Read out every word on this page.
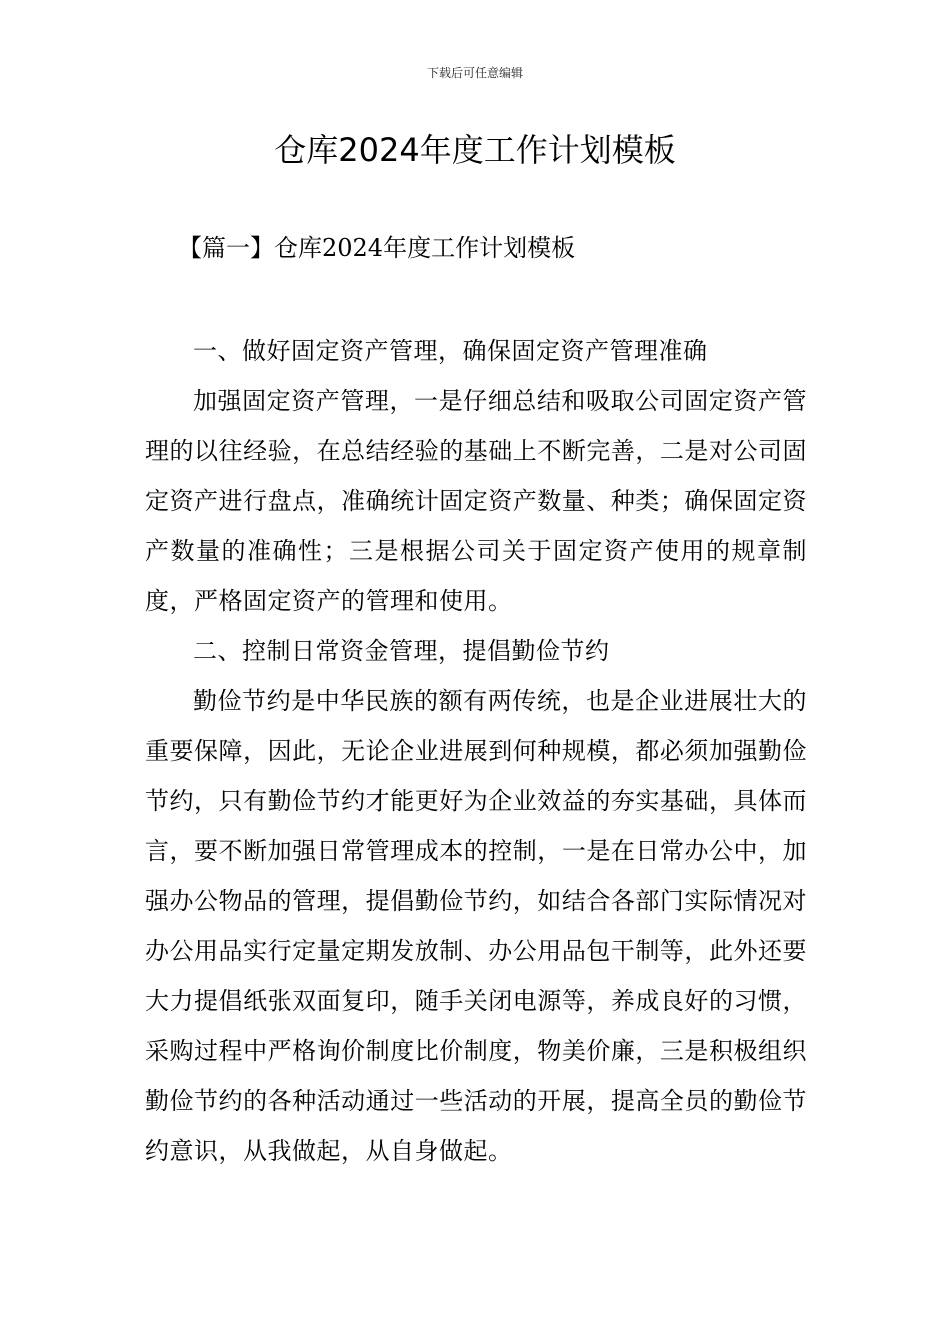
下载后可任意编辑
仓库2024年度工作计划模板

【篇一】仓库2024年度工作计划模板

一、做好固定资产管理，确保固定资产管理准确

加强固定资产管理，一是仔细总结和吸取公司固定资产管理的以往经验，在总结经验的基础上不断完善，二是对公司固定资产进行盘点，准确统计固定资产数量、种类；确保固定资产数量的准确性；三是根据公司关于固定资产使用的规章制度，严格固定资产的管理和使用。

二、控制日常资金管理，提倡勤俭节约

勤俭节约是中华民族的额有两传统，也是企业进展壮大的重要保障，因此，无论企业进展到何种规模，都必须加强勤俭节约，只有勤俭节约才能更好为企业效益的夯实基础，具体而言，要不断加强日常管理成本的控制，一是在日常办公中，加强办公物品的管理，提倡勤俭节约，如结合各部门实际情况对办公用品实行定量定期发放制、办公用品包干制等，此外还要大力提倡纸张双面复印，随手关闭电源等，养成良好的习惯，采购过程中严格询价制度比价制度，物美价廉，三是积极组织勤俭节约的各种活动通过一些活动的开展，提高全员的勤俭节约意识，从我做起，从自身做起。
